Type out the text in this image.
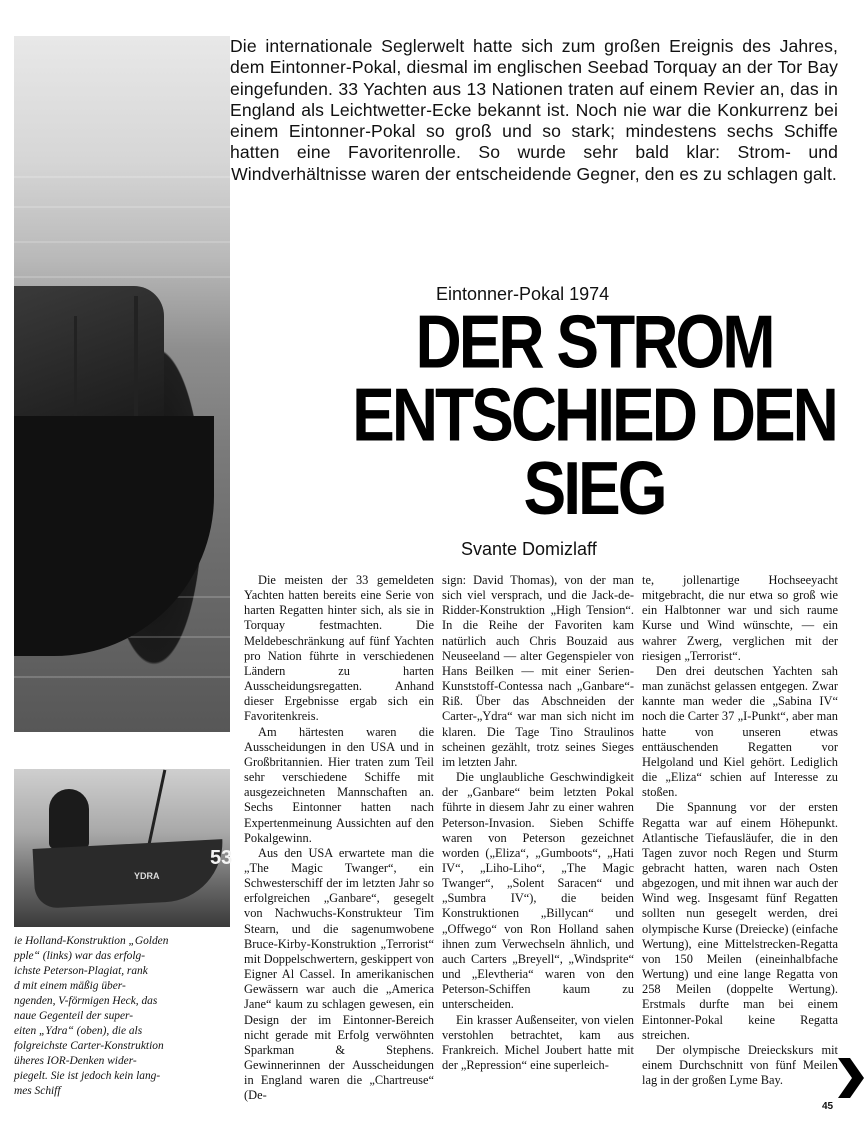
53
YDRA
ie Holland-Konstruktion „Golden
pple“ (links) war das erfolg-
ichste Peterson-Plagiat, rank
d mit einem mäßig über-
ngenden, V-förmigen Heck, das
naue Gegenteil der super-
eiten „Ydra“ (oben), die als
folgreichste Carter-Konstruktion
üheres IOR-Denken wider-
piegelt. Sie ist jedoch kein lang-
mes Schiff
Die internationale Seglerwelt hatte sich zum großen Ereignis des Jahres, dem Eintonner-Pokal, diesmal im englischen Seebad Torquay an der Tor Bay eingefunden. 33 Yachten aus 13 Nationen traten auf einem Revier an, das in England als Leichtwetter-Ecke bekannt ist. Noch nie war die Konkurrenz bei einem Eintonner-Pokal so groß und so stark; mindestens sechs Schiffe hatten eine Favoritenrolle. So wurde sehr bald klar: Strom- und Windverhältnisse waren der entscheidende Gegner, den es zu schlagen galt.
Eintonner-Pokal 1974
DER STROM
ENTSCHIED DEN
SIEG
Svante Domizlaff

Die meisten der 33 gemeldeten Yachten hatten bereits eine Serie von harten Regatten hinter sich, als sie in Torquay festmachten. Die Meldebeschränkung auf fünf Yachten pro Nation führte in verschiedenen Ländern zu harten Ausscheidungsregatten. Anhand dieser Ergebnisse ergab sich ein Favoritenkreis.

Am härtesten waren die Ausscheidungen in den USA und in Großbritannien. Hier traten zum Teil sehr verschiedene Schiffe mit ausgezeichneten Mannschaften an. Sechs Eintonner hatten nach Expertenmeinung Aussichten auf den Pokalgewinn.

Aus den USA erwartete man die „The Magic Twanger“, ein Schwesterschiff der im letzten Jahr so erfolgreichen „Ganbare“, gesegelt von Nachwuchs-Konstrukteur Tim Stearn, und die sagenumwobene Bruce-Kirby-Konstruktion „Terrorist“ mit Doppelschwertern, geskippert von Eigner Al Cassel. In amerikanischen Gewässern war auch die „America Jane“ kaum zu schlagen gewesen, ein Design der im Eintonner-Bereich nicht gerade mit Erfolg verwöhnten Sparkman & Stephens. Gewinnerinnen der Ausscheidungen in England waren die „Chartreuse“ (De-

sign: David Thomas), von der man sich viel versprach, und die Jack-de-Ridder-Konstruktion „High Tension“. In die Reihe der Favoriten kam natürlich auch Chris Bouzaid aus Neuseeland — alter Gegenspieler von Hans Beilken — mit einer Serien-Kunststoff-Contessa nach „Ganbare“-Riß. Über das Abschneiden der Carter-„Ydra“ war man sich nicht im klaren. Die Tage Tino Straulinos scheinen gezählt, trotz seines Sieges im letzten Jahr.

Die unglaubliche Geschwindigkeit der „Ganbare“ beim letzten Pokal führte in diesem Jahr zu einer wahren Peterson-Invasion. Sieben Schiffe waren von Peterson gezeichnet worden („Eliza“, „Gumboots“, „Hati IV“, „Liho-Liho“, „The Magic Twanger“, „Solent Saracen“ und „Sumbra IV“), die beiden Konstruktionen „Billycan“ und „Offwego“ von Ron Holland sahen ihnen zum Verwechseln ähnlich, und auch Carters „Breyell“, „Windsprite“ und „Elevtheria“ waren von den Peterson-Schiffen kaum zu unterscheiden.

Ein krasser Außenseiter, von vielen verstohlen betrachtet, kam aus Frankreich. Michel Joubert hatte mit der „Repression“ eine superleich-

te, jollenartige Hochseeyacht mitgebracht, die nur etwa so groß wie ein Halbtonner war und sich raume Kurse und Wind wünschte, — ein wahrer Zwerg, verglichen mit der riesigen „Terrorist“.

Den drei deutschen Yachten sah man zunächst gelassen entgegen. Zwar kannte man weder die „Sabina IV“ noch die Carter 37 „I-Punkt“, aber man hatte von unseren etwas enttäuschenden Regatten vor Helgoland und Kiel gehört. Lediglich die „Eliza“ schien auf Interesse zu stoßen.

Die Spannung vor der ersten Regatta war auf einem Höhepunkt. Atlantische Tiefausläufer, die in den Tagen zuvor noch Regen und Sturm gebracht hatten, waren nach Osten abgezogen, und mit ihnen war auch der Wind weg. Insgesamt fünf Regatten sollten nun gesegelt werden, drei olympische Kurse (Dreiecke) (einfache Wertung), eine Mittelstrecken-Regatta von 150 Meilen (eineinhalbfache Wertung) und eine lange Regatta von 258 Meilen (doppelte Wertung). Erstmals durfte man bei einem Eintonner-Pokal keine Regatta streichen.

Der olympische Dreieckskurs mit einem Durchschnitt von fünf Meilen lag in der großen Lyme Bay.

45
